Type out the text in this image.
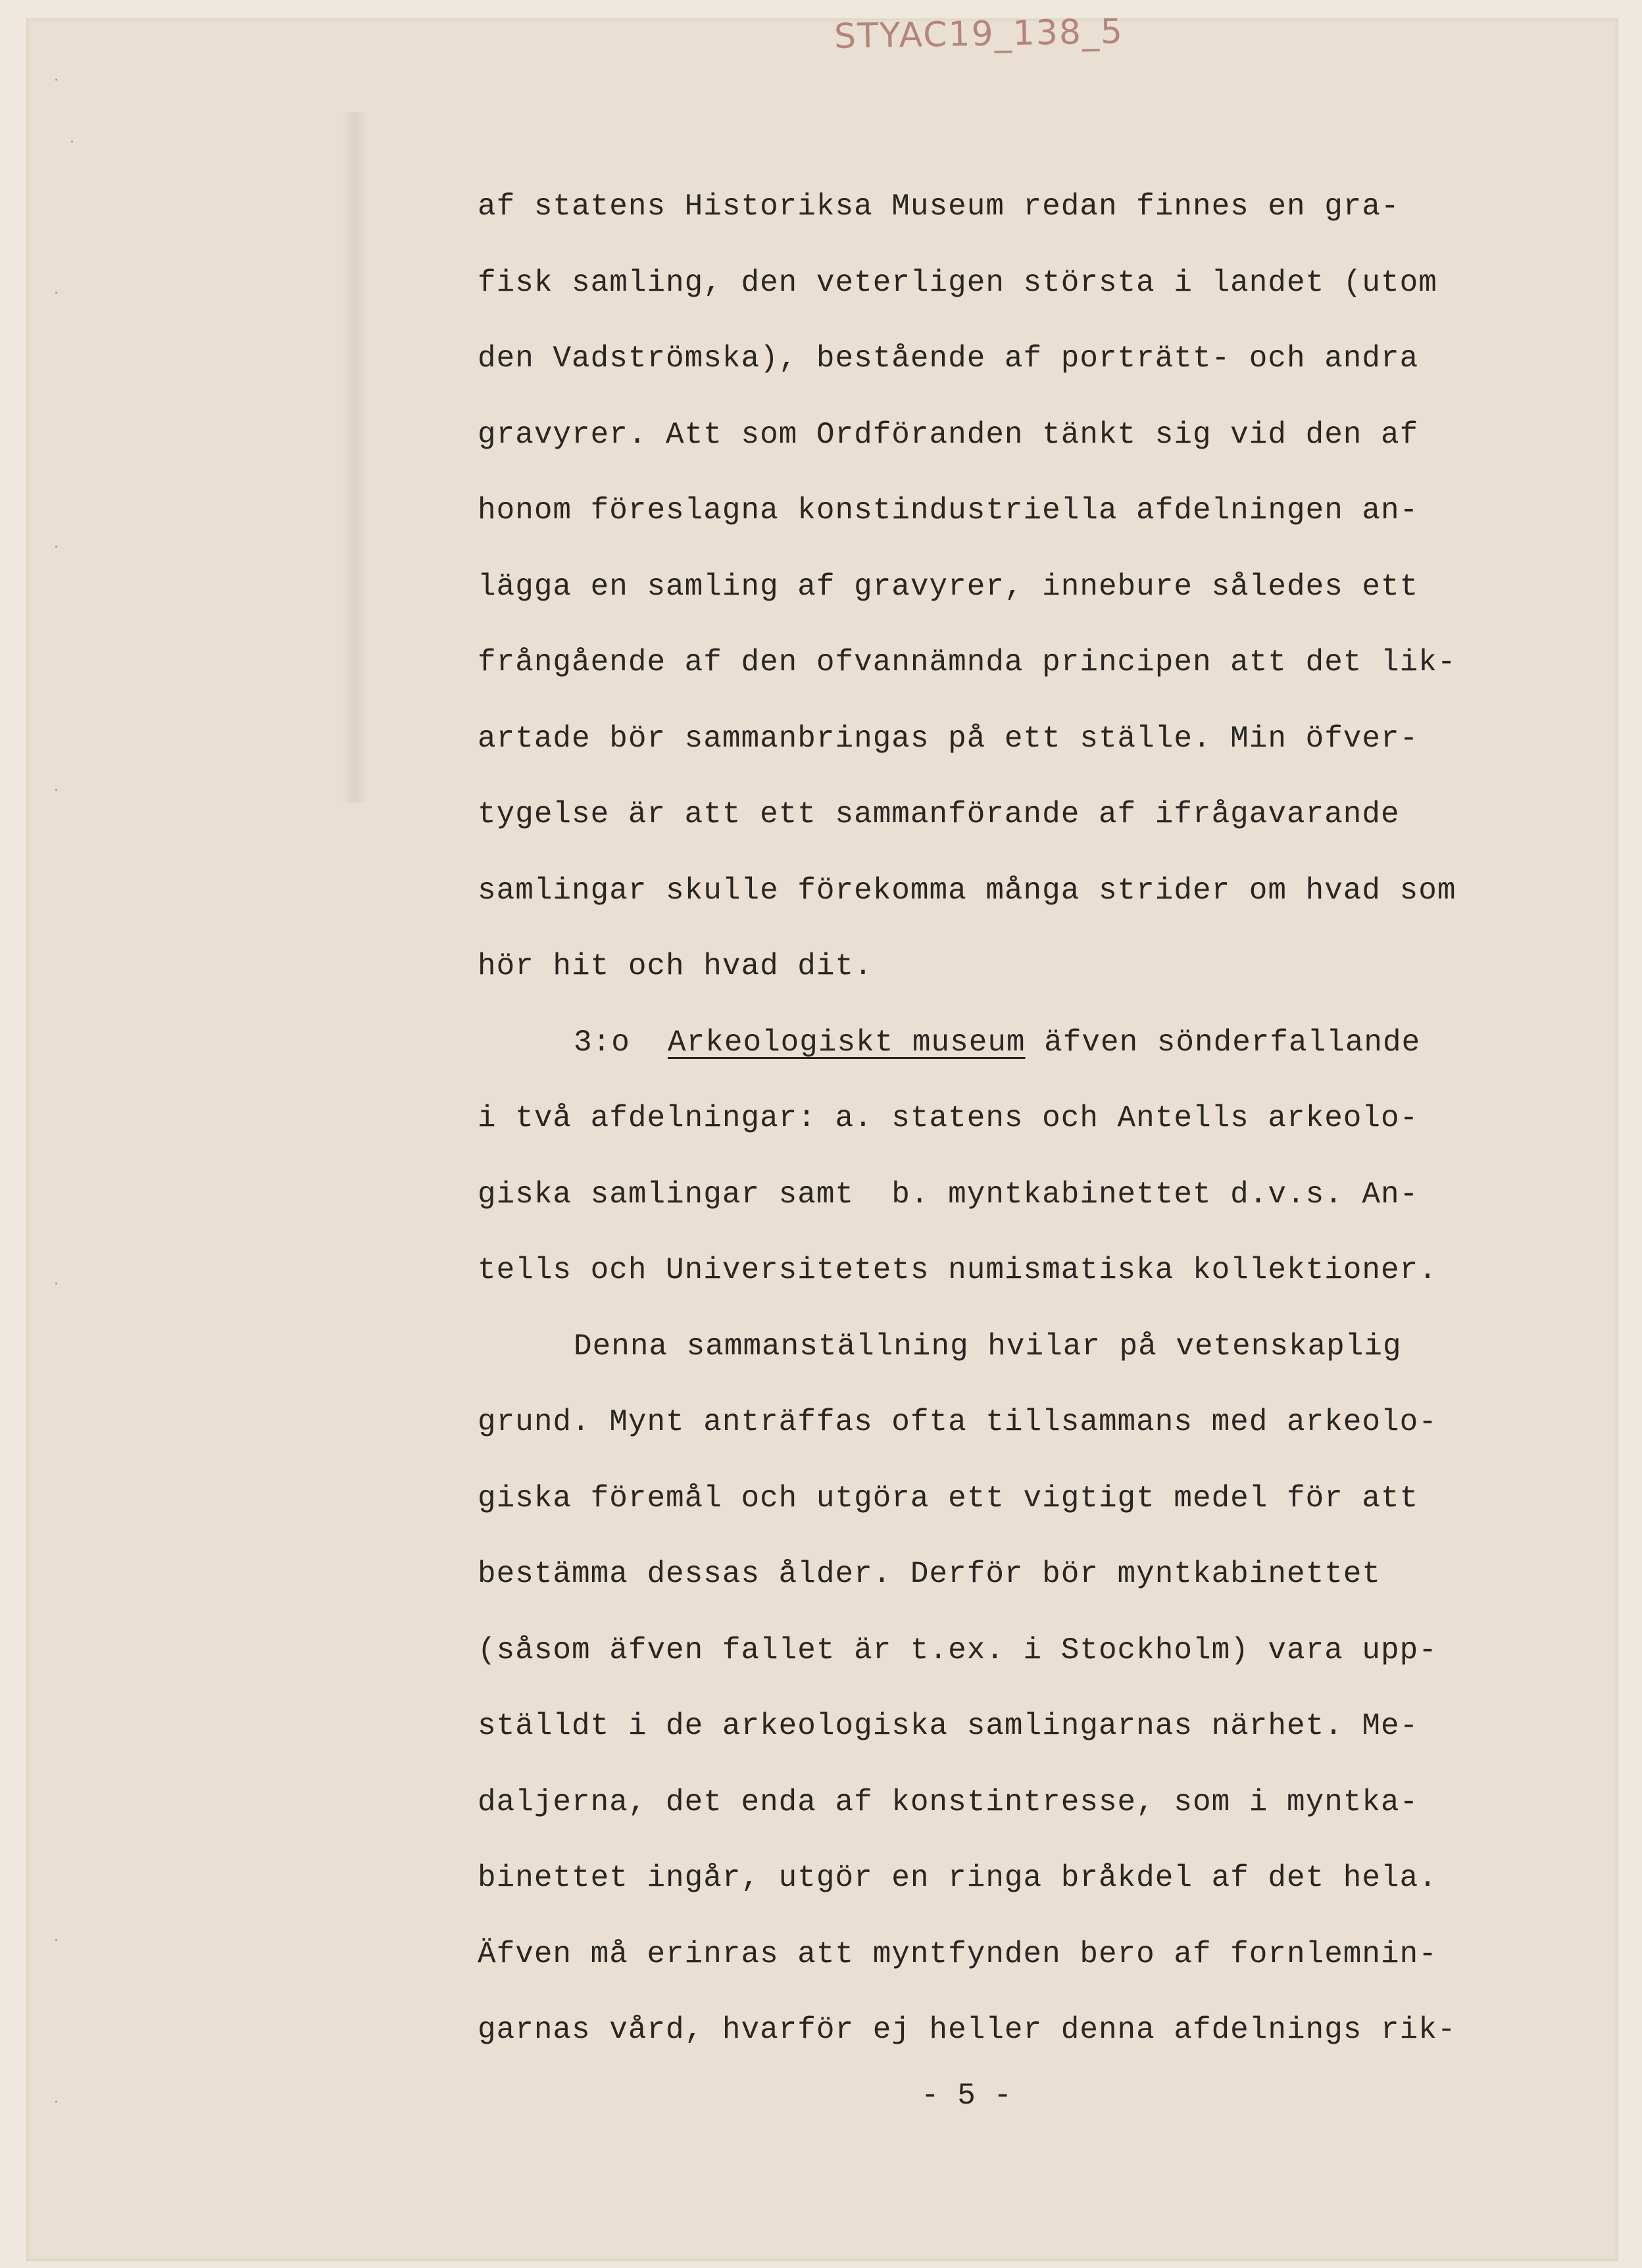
STYAC19_138_5
·
·
·
·
·
·
·
·
af statens Historiksa Museum redan finnes en gra-
fisk samling, den veterligen största i landet (utom
den Vadströmska), bestående af porträtt- och andra
gravyrer. Att som Ordföranden tänkt sig vid den af
honom föreslagna konstindustriella afdelningen an-
lägga en samling af gravyrer, innebure således ett
frångående af den ofvannämnda principen att det lik-
artade bör sammanbringas på ett ställe. Min öfver-
tygelse är att ett sammanförande af ifrågavarande
samlingar skulle förekomma många strider om hvad som
hör hit och hvad dit.
3:o Arkeologiskt museum äfven sönderfallande
i två afdelningar: a. statens och Antells arkeolo-
giska samlingar samt  b. myntkabinettet d.v.s. An-
tells och Universitetets numismatiska kollektioner.
Denna sammanställning hvilar på vetenskaplig
grund. Mynt anträffas ofta tillsammans med arkeolo-
giska föremål och utgöra ett vigtigt medel för att
bestämma dessas ålder. Derför bör myntkabinettet
(såsom äfven fallet är t.ex. i Stockholm) vara upp-
ställdt i de arkeologiska samlingarnas närhet. Me-
daljerna, det enda af konstintresse, som i myntka-
binettet ingår, utgör en ringa bråkdel af det hela.
Äfven må erinras att myntfynden bero af fornlemnin-
garnas vård, hvarför ej heller denna afdelnings rik-
- 5 -
